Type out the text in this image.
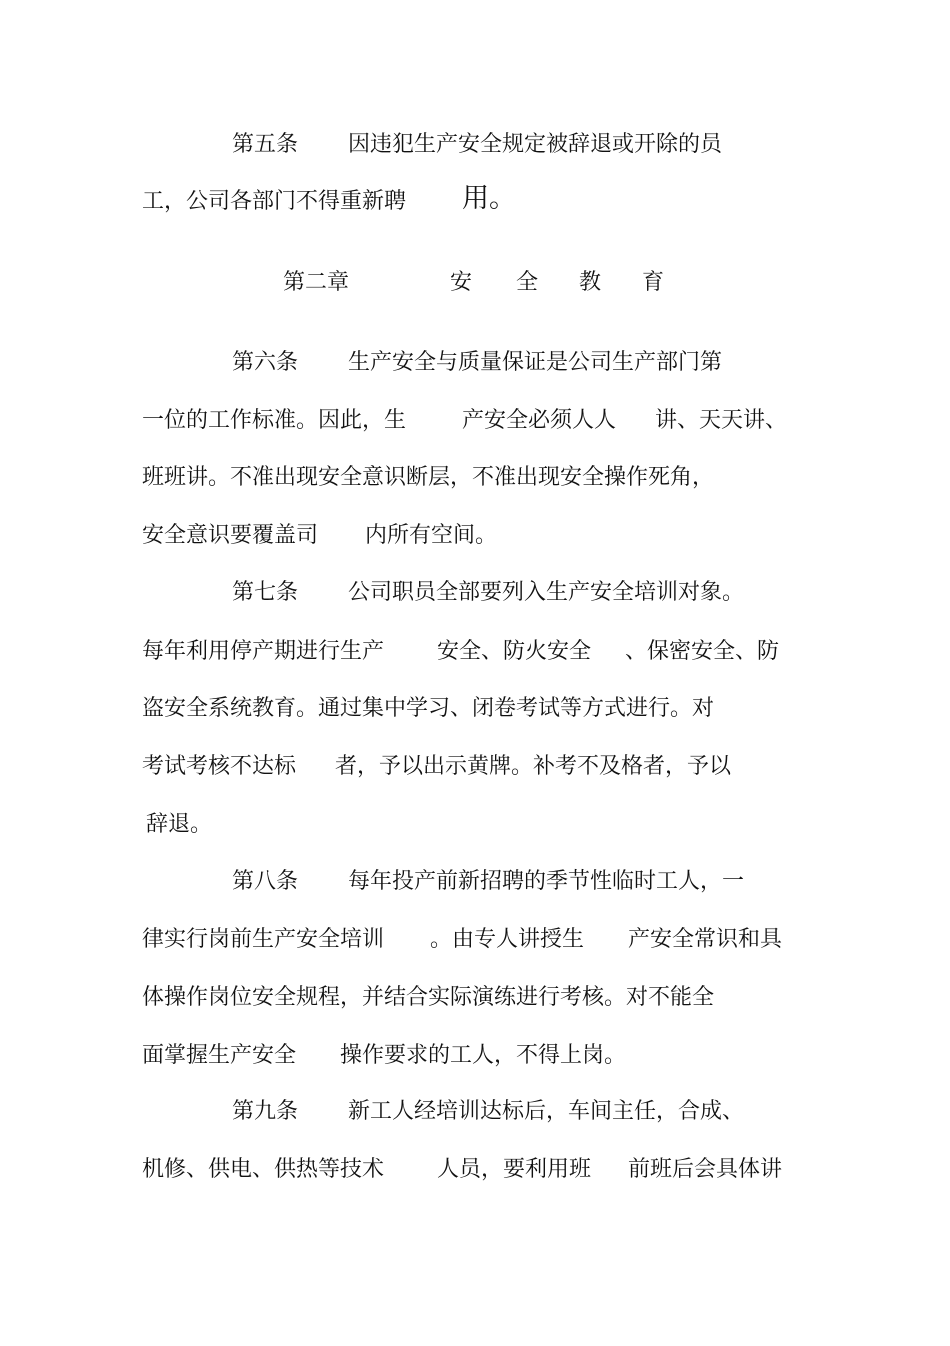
第五条

因违犯生产安全规定被辞退或开除的员

工，公司各部门不得重新聘

用。

第二章

	安

全

教

育

第六条

生产安全与质量保证是公司生产部门第

一位的工作标准。因此，生

	产安全必须人人

讲、天天讲、

班班讲。不准出现安全意识断层，不准出现安全操作死角，

安全意识要覆盖司

内所有空间。

第七条

公司职员全部要列入生产安全培训对象。

每年利用停产期进行生产

安全、防火安全

、保密安全、防

盗安全系统教育。通过集中学习、闭卷考试等方式进行。对

考试考核不达标

者，予以出示黄牌。补考不及格者，予以

辞退。

第八条

每年投产前新招聘的季节性临时工人，一

律实行岗前生产安全培训

。由专人讲授生

产安全常识和具

体操作岗位安全规程，并结合实际演练进行考核。对不能全

面掌握生产安全

操作要求的工人，不得上岗。

第九条

新工人经培训达标后，车间主任，合成、

机修、供电、供热等技术

人员，要利用班

前班后会具体讲
